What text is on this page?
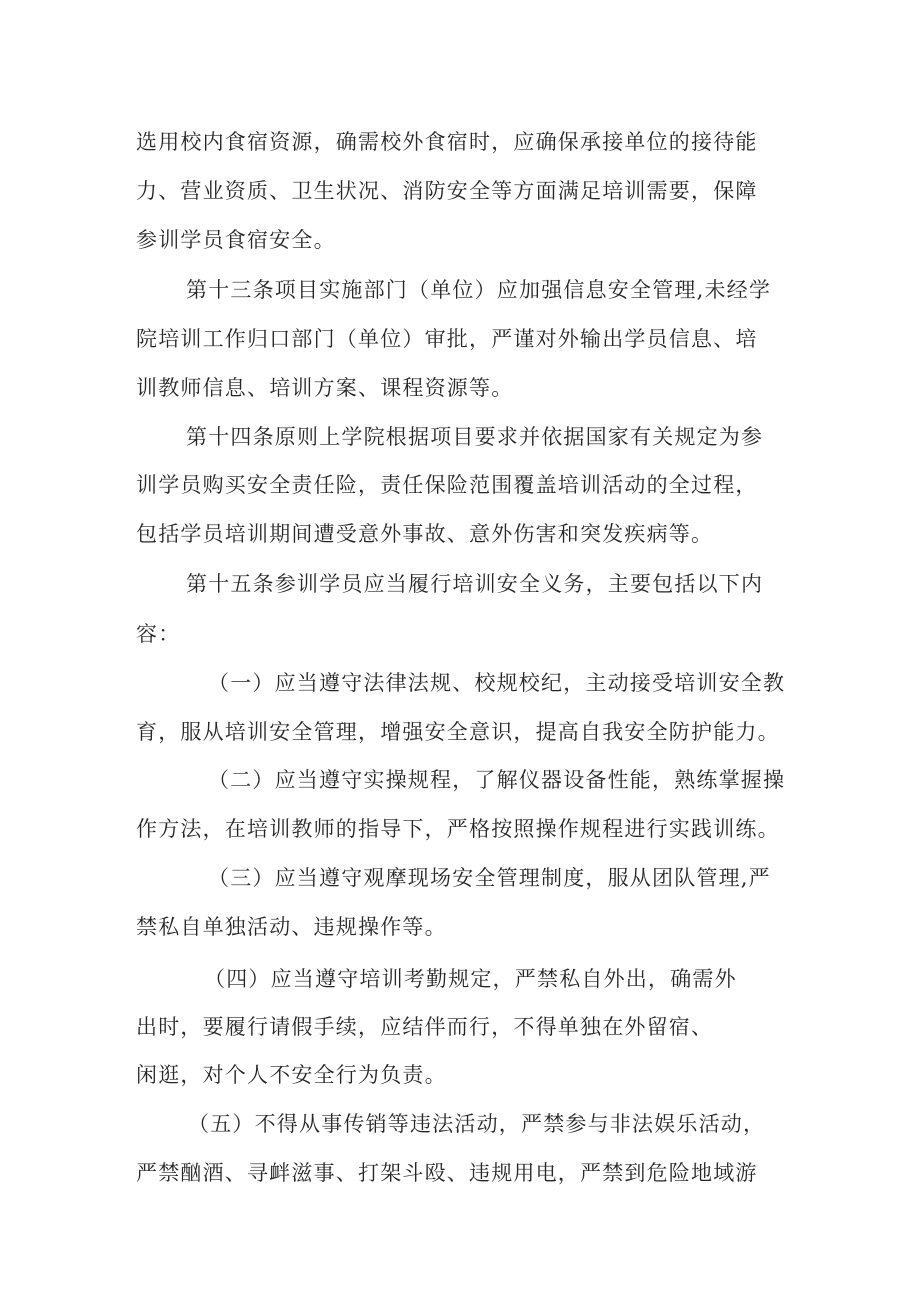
选用校内食宿资源，确需校外食宿时，应确保承接单位的接待能
力、营业资质、卫生状况、消防安全等方面满足培训需要，保障
参训学员食宿安全。
第十三条项目实施部门（单位）应加强信息安全管理,未经学
院培训工作归口部门（单位）审批，严谨对外输出学员信息、培
训教师信息、培训方案、课程资源等。
第十四条原则上学院根据项目要求并依据国家有关规定为参
训学员购买安全责任险，责任保险范围覆盖培训活动的全过程，
包括学员培训期间遭受意外事故、意外伤害和突发疾病等。
第十五条参训学员应当履行培训安全义务，主要包括以下内
容：
（一）应当遵守法律法规、校规校纪，主动接受培训安全教
育，服从培训安全管理，增强安全意识，提高自我安全防护能力。
（二）应当遵守实操规程，了解仪器设备性能，熟练掌握操
作方法，在培训教师的指导下，严格按照操作规程进行实践训练。
（三）应当遵守观摩现场安全管理制度，服从团队管理,严
禁私自单独活动、违规操作等。
（四）应当遵守培训考勤规定，严禁私自外出，确需外
出时，要履行请假手续，应结伴而行，不得单独在外留宿、
闲逛，对个人不安全行为负责。
（五）不得从事传销等违法活动，严禁参与非法娱乐活动，
严禁酗酒、寻衅滋事、打架斗殴、违规用电，严禁到危险地域游
